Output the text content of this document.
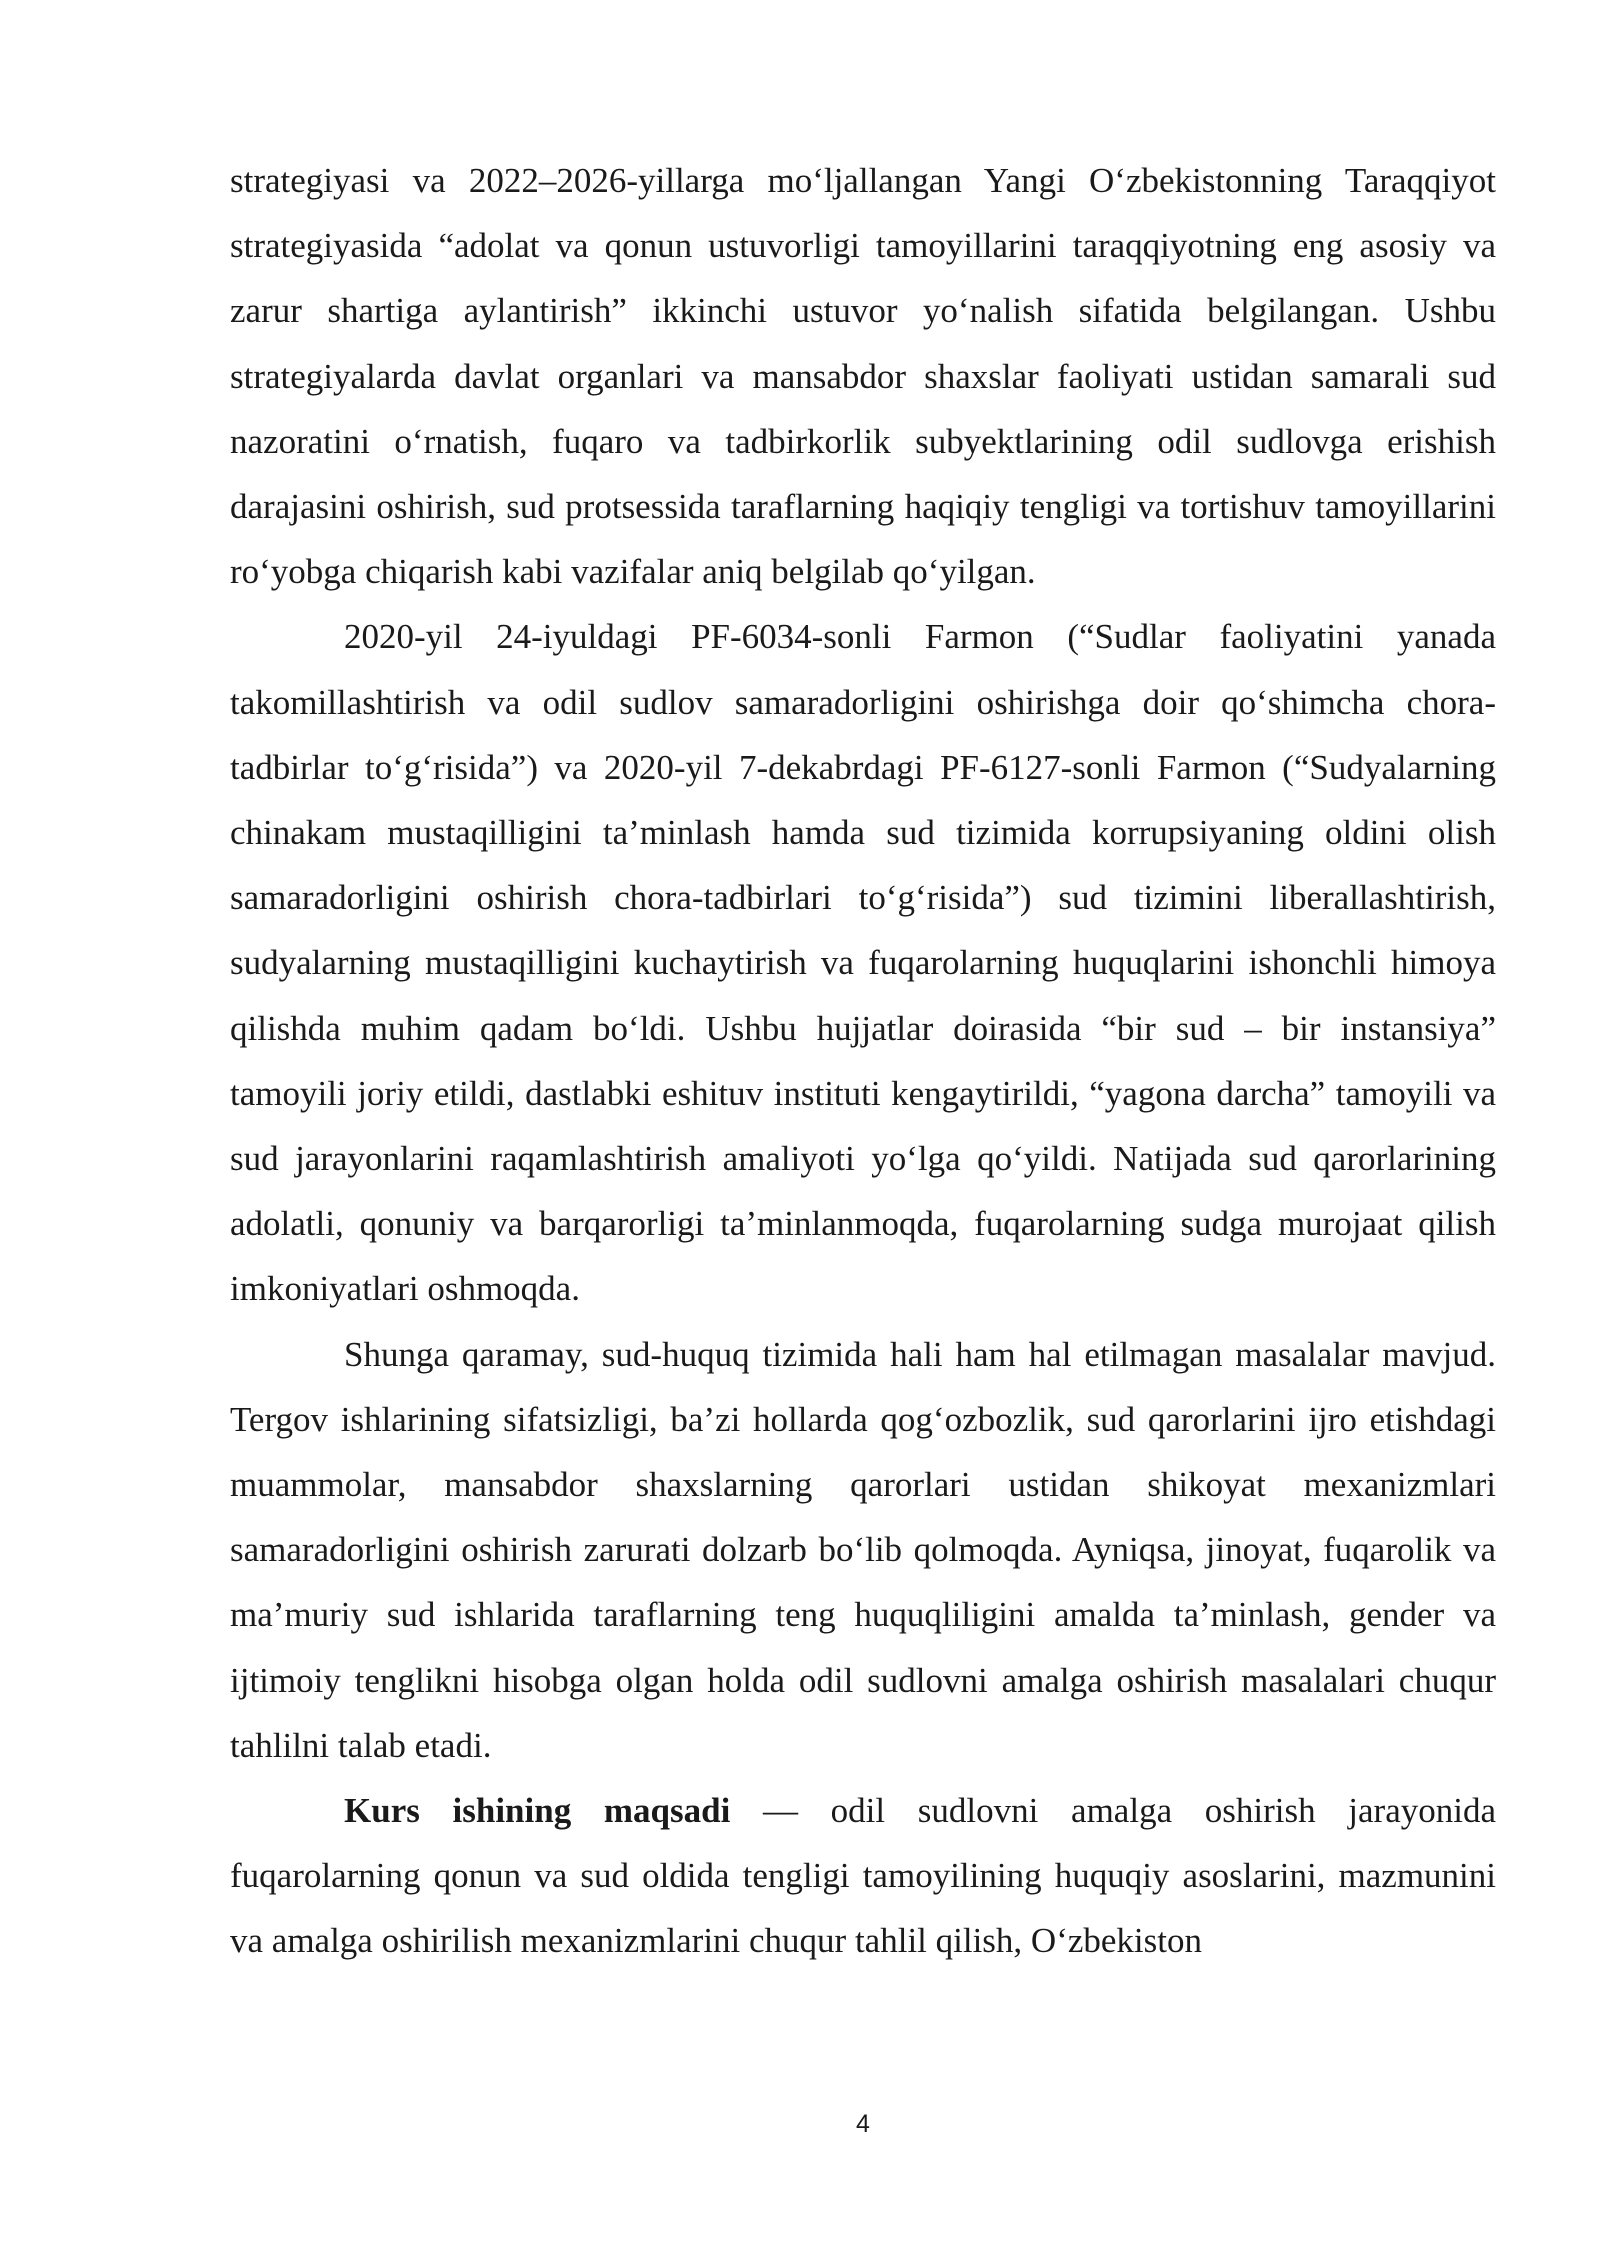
strategiyasi va 2022–2026-yillarga mo‘ljallangan Yangi O‘zbekistonning Taraqqiyot strategiyasida “adolat va qonun ustuvorligi tamoyillarini taraqqiyotning eng asosiy va zarur shartiga aylantirish” ikkinchi ustuvor yo‘nalish sifatida belgilangan. Ushbu strategiyalarda davlat organlari va mansabdor shaxslar faoliyati ustidan samarali sud nazoratini o‘rnatish, fuqaro va tadbirkorlik subyektlarining odil sudlovga erishish darajasini oshirish, sud protsessida taraflarning haqiqiy tengligi va tortishuv tamoyillarini ro‘yobga chiqarish kabi vazifalar aniq belgilab qo‘yilgan.

2020-yil 24-iyuldagi PF-6034-sonli Farmon (“Sudlar faoliyatini yanada takomillashtirish va odil sudlov samaradorligini oshirishga doir qo‘shimcha chora-tadbirlar to‘g‘risida”) va 2020-yil 7-dekabrdagi PF-6127-sonli Farmon (“Sudyalarning chinakam mustaqilligini ta’minlash hamda sud tizimida korrupsiyaning oldini olish samaradorligini oshirish chora-tadbirlari to‘g‘risida”) sud tizimini liberallashtirish, sudyalarning mustaqilligini kuchaytirish va fuqarolarning huquqlarini ishonchli himoya qilishda muhim qadam bo‘ldi. Ushbu hujjatlar doirasida “bir sud – bir instansiya” tamoyili joriy etildi, dastlabki eshituv instituti kengaytirildi, “yagona darcha” tamoyili va sud jarayonlarini raqamlashtirish amaliyoti yo‘lga qo‘yildi. Natijada sud qarorlarining adolatli, qonuniy va barqarorligi ta’minlanmoqda, fuqarolarning sudga murojaat qilish imkoniyatlari oshmoqda.

Shunga qaramay, sud-huquq tizimida hali ham hal etilmagan masalalar mavjud. Tergov ishlarining sifatsizligi, ba’zi hollarda qog‘ozbozlik, sud qarorlarini ijro etishdagi muammolar, mansabdor shaxslarning qarorlari ustidan shikoyat mexanizmlari samaradorligini oshirish zarurati dolzarb bo‘lib qolmoqda. Ayniqsa, jinoyat, fuqarolik va ma’muriy sud ishlarida taraflarning teng huquqliligini amalda ta’minlash, gender va ijtimoiy tenglikni hisobga olgan holda odil sudlovni amalga oshirish masalalari chuqur tahlilni talab etadi.

Kurs ishining maqsadi — odil sudlovni amalga oshirish jarayonida fuqarolarning qonun va sud oldida tengligi tamoyilining huquqiy asoslarini, mazmunini va amalga oshirilish mexanizmlarini chuqur tahlil qilish, O‘zbekiston

4
